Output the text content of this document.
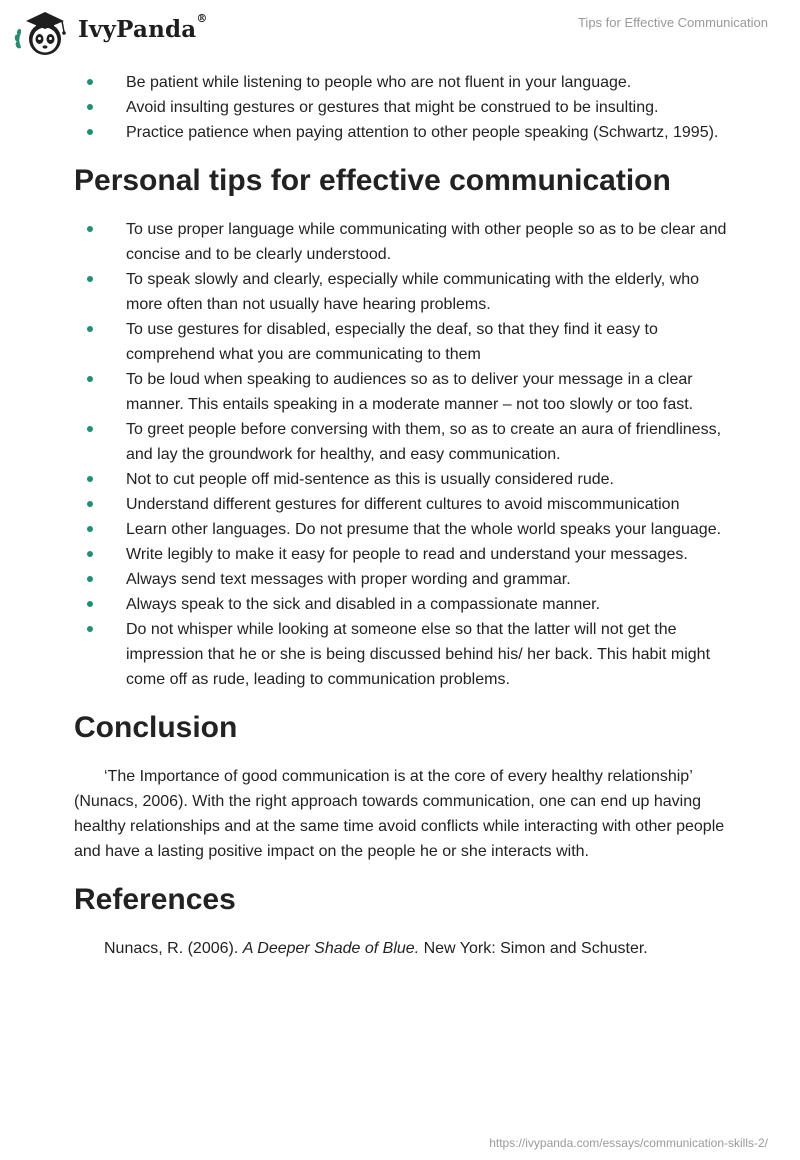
IvyPanda®	Tips for Effective Communication
Be patient while listening to people who are not fluent in your language.
Avoid insulting gestures or gestures that might be construed to be insulting.
Practice patience when paying attention to other people speaking (Schwartz, 1995).
Personal tips for effective communication
To use proper language while communicating with other people so as to be clear and concise and to be clearly understood.
To speak slowly and clearly, especially while communicating with the elderly, who more often than not usually have hearing problems.
To use gestures for disabled, especially the deaf, so that they find it easy to comprehend what you are communicating to them
To be loud when speaking to audiences so as to deliver your message in a clear manner. This entails speaking in a moderate manner – not too slowly or too fast.
To greet people before conversing with them, so as to create an aura of friendliness, and lay the groundwork for healthy, and easy communication.
Not to cut people off mid-sentence as this is usually considered rude.
Understand different gestures for different cultures to avoid miscommunication
Learn other languages. Do not presume that the whole world speaks your language.
Write legibly to make it easy for people to read and understand your messages.
Always send text messages with proper wording and grammar.
Always speak to the sick and disabled in a compassionate manner.
Do not whisper while looking at someone else so that the latter will not get the impression that he or she is being discussed behind his/ her back. This habit might come off as rude, leading to communication problems.
Conclusion

‘The Importance of good communication is at the core of every healthy relationship’ (Nunacs, 2006). With the right approach towards communication, one can end up having healthy relationships and at the same time avoid conflicts while interacting with other people and have a lasting positive impact on the people he or she interacts with.

References

Nunacs, R. (2006). A Deeper Shade of Blue. New York: Simon and Schuster.

https://ivypanda.com/essays/communication-skills-2/
